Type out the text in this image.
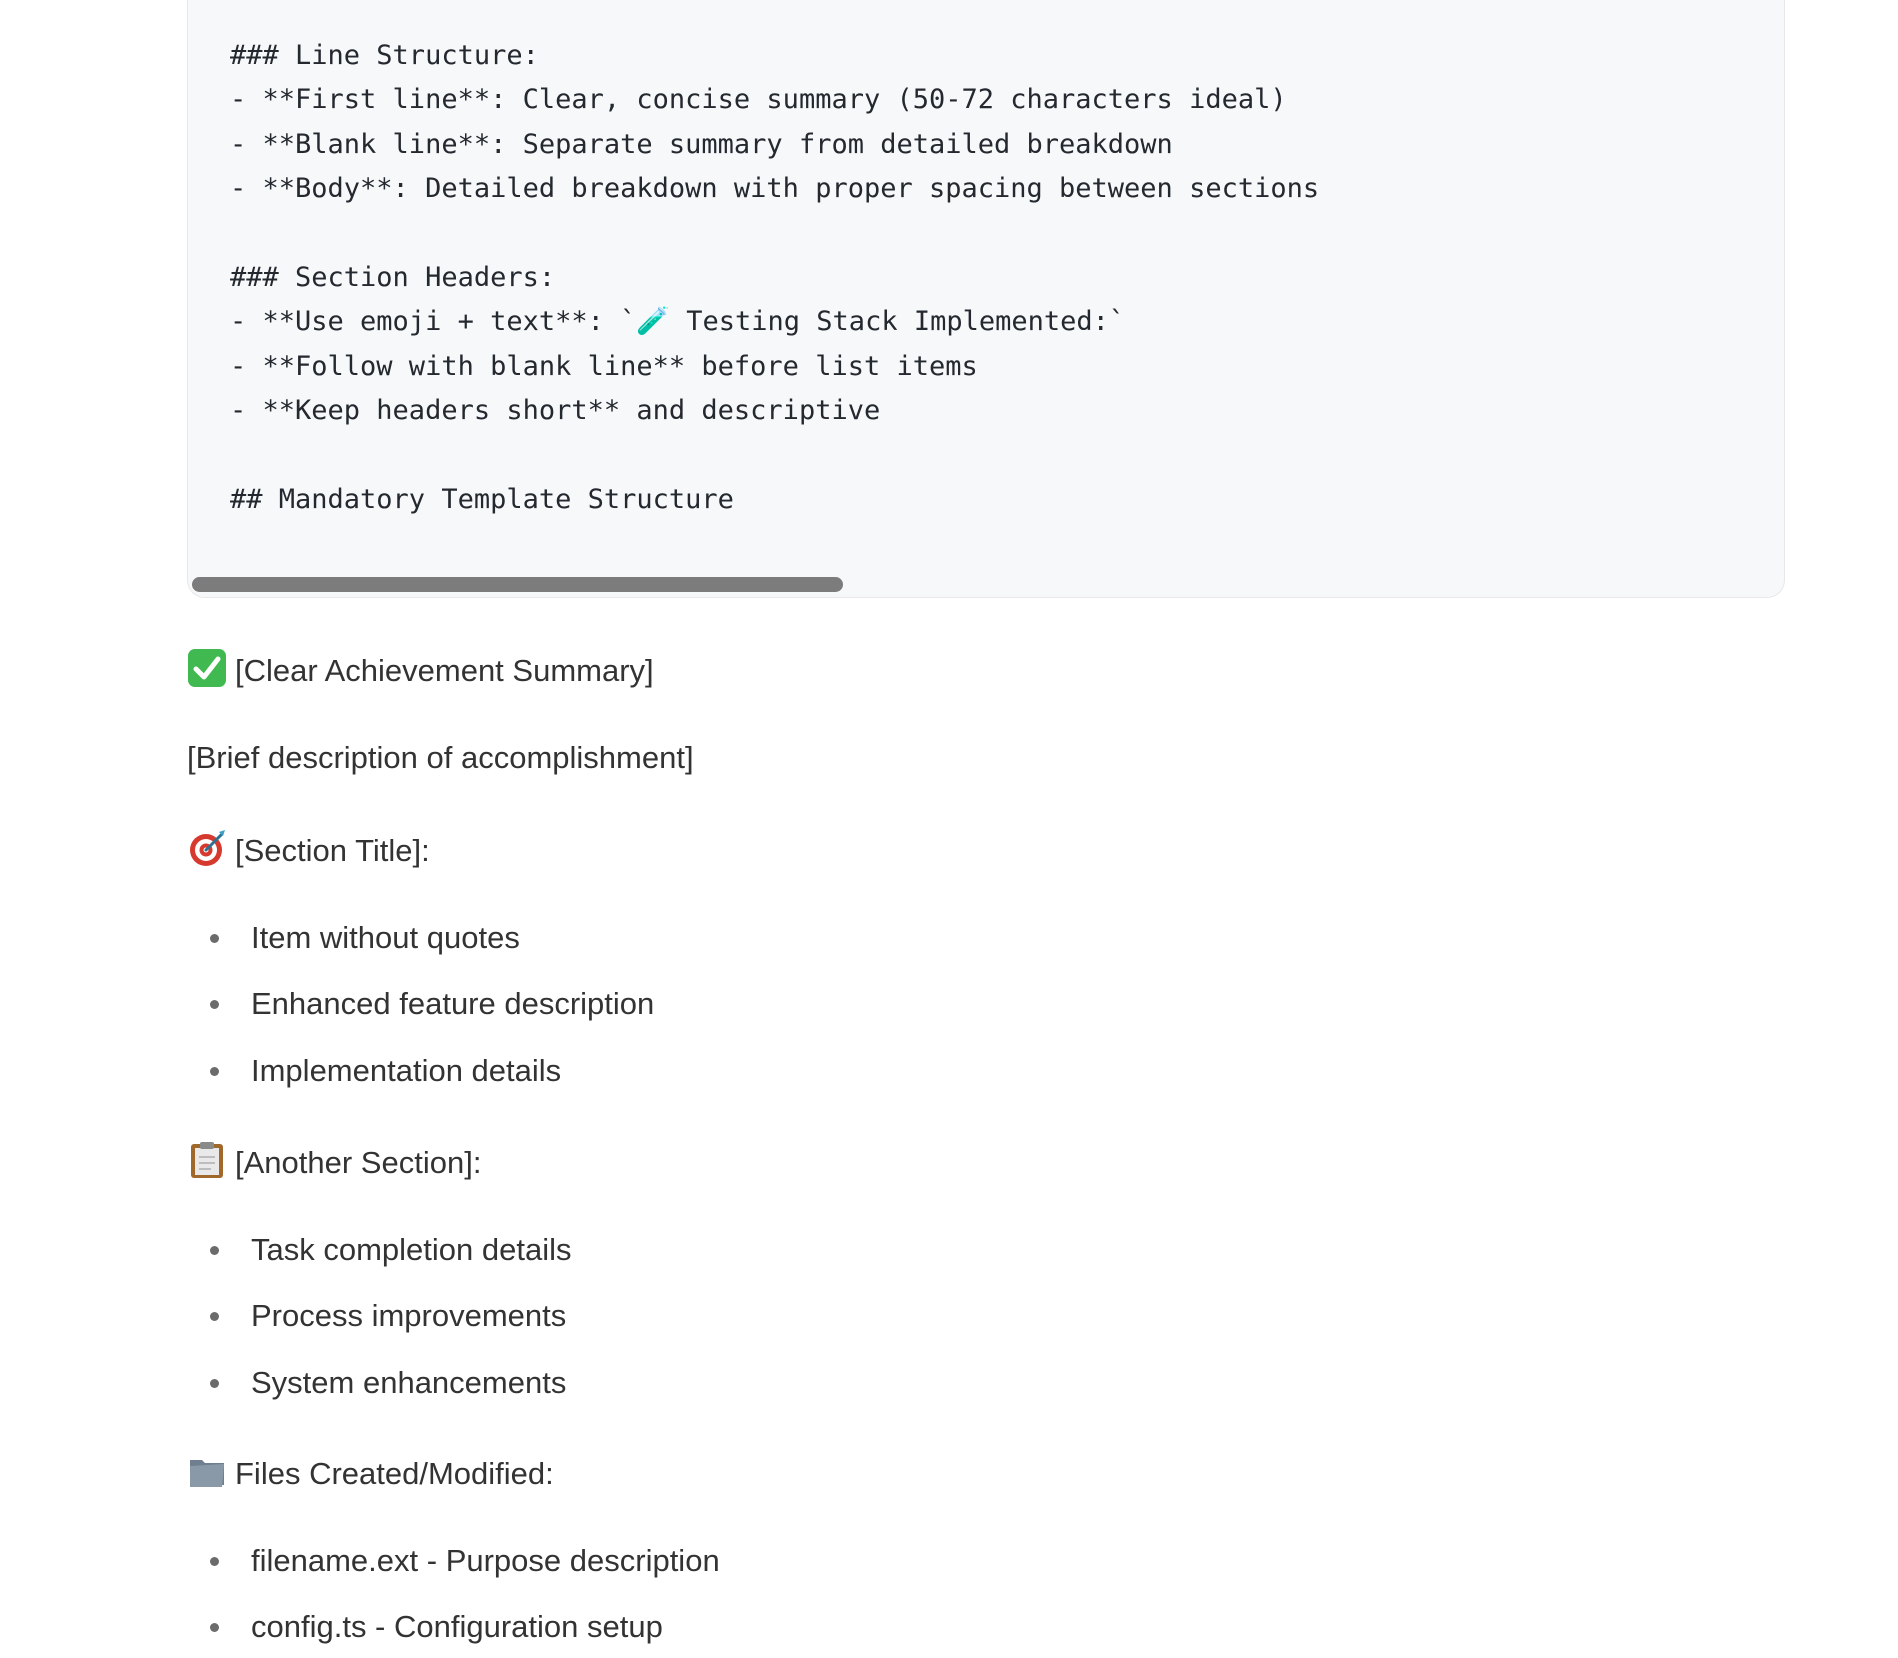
### Line Structure:
- **First line**: Clear, concise summary (50-72 characters ideal)
- **Blank line**: Separate summary from detailed breakdown
- **Body**: Detailed breakdown with proper spacing between sections
### Section Headers:
- **Use emoji + text**: `🧪 Testing Stack Implemented:`
- **Follow with blank line** before list items
- **Keep headers short** and descriptive
## Mandatory Template Structure
[Clear Achievement Summary]
[Brief description of accomplishment]
[Section Title]:
Item without quotes
Enhanced feature description
Implementation details
[Another Section]:
Task completion details
Process improvements
System enhancements
Files Created/Modified:
filename.ext - Purpose description
config.ts - Configuration setup
